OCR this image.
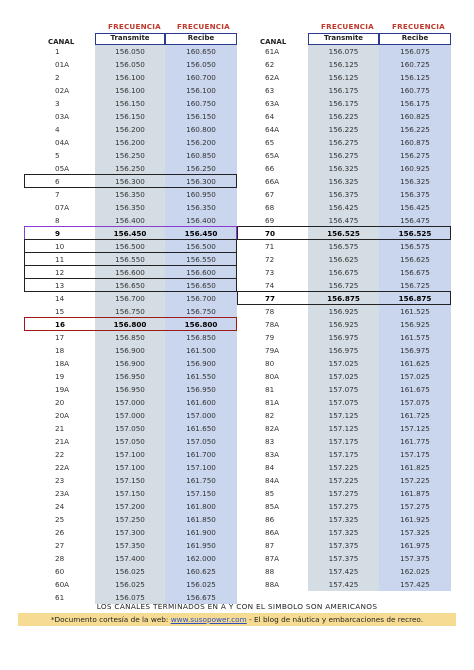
FRECUENCIA FRECUENCIA
CANAL	Transmite	Recibe
FRECUENCIA	FRECUENCIA
CANAL	Transmite	Recibe
1	156.050	160.650
01A	156.050	156.050
2	156.100	160.700
02A	156.100	156.100
3	156.150	160.750
03A	156.150	156.150
4	156.200	160.800
04A	156.200	156.200
5	156.250	160.850
05A	156.250	156.250
6	156.300	156.300
7	156.350	160.950
07A	156.350	156.350
8	156.400	156.400
9	156.450	156.450
10	156.500	156.500
11	156.550	156.550
12	156.600	156.600
13	156.650	156.650
14	156.700	156.700
15	156.750	156.750
16	156.800	156.800
17	156.850	156.850
18	156.900	161.500
18A	156.900	156.900
19	156.950	161.550
19A	156.950	156.950
20	157.000	161.600
20A	157.000	157.000
21	157.050	161.650
21A	157.050	157.050
22	157.100	161.700
22A	157.100	157.100
23	157.150	161.750
23A	157.150	157.150
24	157.200	161.800
25	157.250	161.850
26	157.300	161.900
27	157.350	161.950
28	157.400	162.000
60	156.025	160.625
60A	156.025	156.025
61	156.075	156.675
61A	156.075	156.075
62	156.125	160.725
62A	156.125	156.125
63	156.175	160.775
63A	156.175	156.175
64	156.225	160.825
64A	156.225	156.225
65	156.275	160.875
65A	156.275	156.275
66	156.325	160.925
66A	156.325	156.325
67	156.375	156.375
68	156.425	156.425
69	156.475	156.475
70	156.525	156.525
71	156.575	156.575
72	156.625	156.625
73	156.675	156.675
74	156.725	156.725
77	156.875	156.875
78	156.925	161.525
78A	156.925	156.925
79	156.975	161.575
79A	156.975	156.975
80	157.025	161.625
80A	157.025	157.025
81	157.075	161.675
81A	157.075	157.075
82	157.125	161.725
82A	157.125	157.125
83	157.175	161.775
83A	157.175	157.175
84	157.225	161.825
84A	157.225	157.225
85	157.275	161.875
85A	157.275	157.275
86	157.325	161.925
86A	157.325	157.325
87	157.375	161.975
87A	157.375	157.375
88	157.425	162.025
88A	157.425	157.425
LOS CANALES TERMINADOS EN A Y CON EL SIMBOLO SON AMERICANOS
*Documento cortesía de la web: www.susopower.com - El blog de náutica y embarcaciones de recreo.
